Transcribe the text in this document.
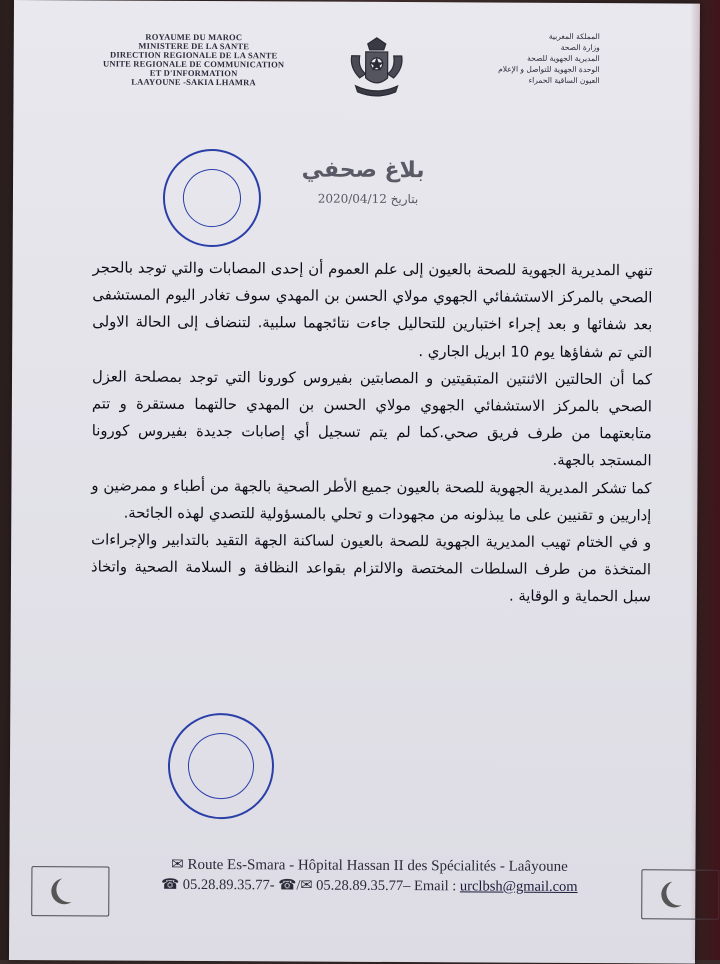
ROYAUME DU MAROC
MINISTERE DE LA SANTE
DIRECTION REGIONALE DE LA SANTE
UNITE REGIONALE DE COMMUNICATION
ET D'INFORMATION
LAAYOUNE -SAKIA LHAMRA
المملكة المغربية
وزارة الصحة
المديرية الجهوية للصحة
الوحدة الجهوية للتواصل و الإعلام
العيون الساقية الحمراء
بلاغ صحفي
بتاريخ 2020/04/12

تنهي المديرية الجهوية للصحة بالعيون إلى علم العموم أن إحدى المصابات والتي توجد بالحجر الصحي بالمركز الاستشفائي الجهوي مولاي الحسن بن المهدي سوف تغادر اليوم المستشفى بعد شفائها و بعد إجراء اختبارين للتحاليل جاءت نتائجهما سلبية. لتنضاف إلى الحالة الاولى التي تم شفاؤها يوم 10 ابريل الجاري .

كما أن الحالتين الاثنتين المتبقيتين و المصابتين بفيروس كورونا التي توجد بمصلحة العزل الصحي بالمركز الاستشفائي الجهوي مولاي الحسن بن المهدي حالتهما مستقرة و تتم متابعتهما من طرف فريق صحي.كما لم يتم تسجيل أي إصابات جديدة بفيروس كورونا المستجد بالجهة.

كما تشكر المديرية الجهوية للصحة بالعيون جميع الأطر الصحية بالجهة من أطباء و ممرضين و إداريين و تقنيين على ما يبذلونه من مجهودات و تحلي بالمسؤولية للتصدي لهذه الجائحة.

و في الختام تهيب المديرية الجهوية للصحة بالعيون لساكنة الجهة التقيد بالتدابير والإجراءات المتخذة من طرف السلطات المختصة والالتزام بقواعد النظافة و السلامة الصحية واتخاذ سبل الحماية و الوقاية .

✉ Route Es-Smara - Hôpital Hassan II des Spécialités - Laâyoune
☎ 05.28.89.35.77- ☎/✉ 05.28.89.35.77– Email : urclbsh@gmail.com
